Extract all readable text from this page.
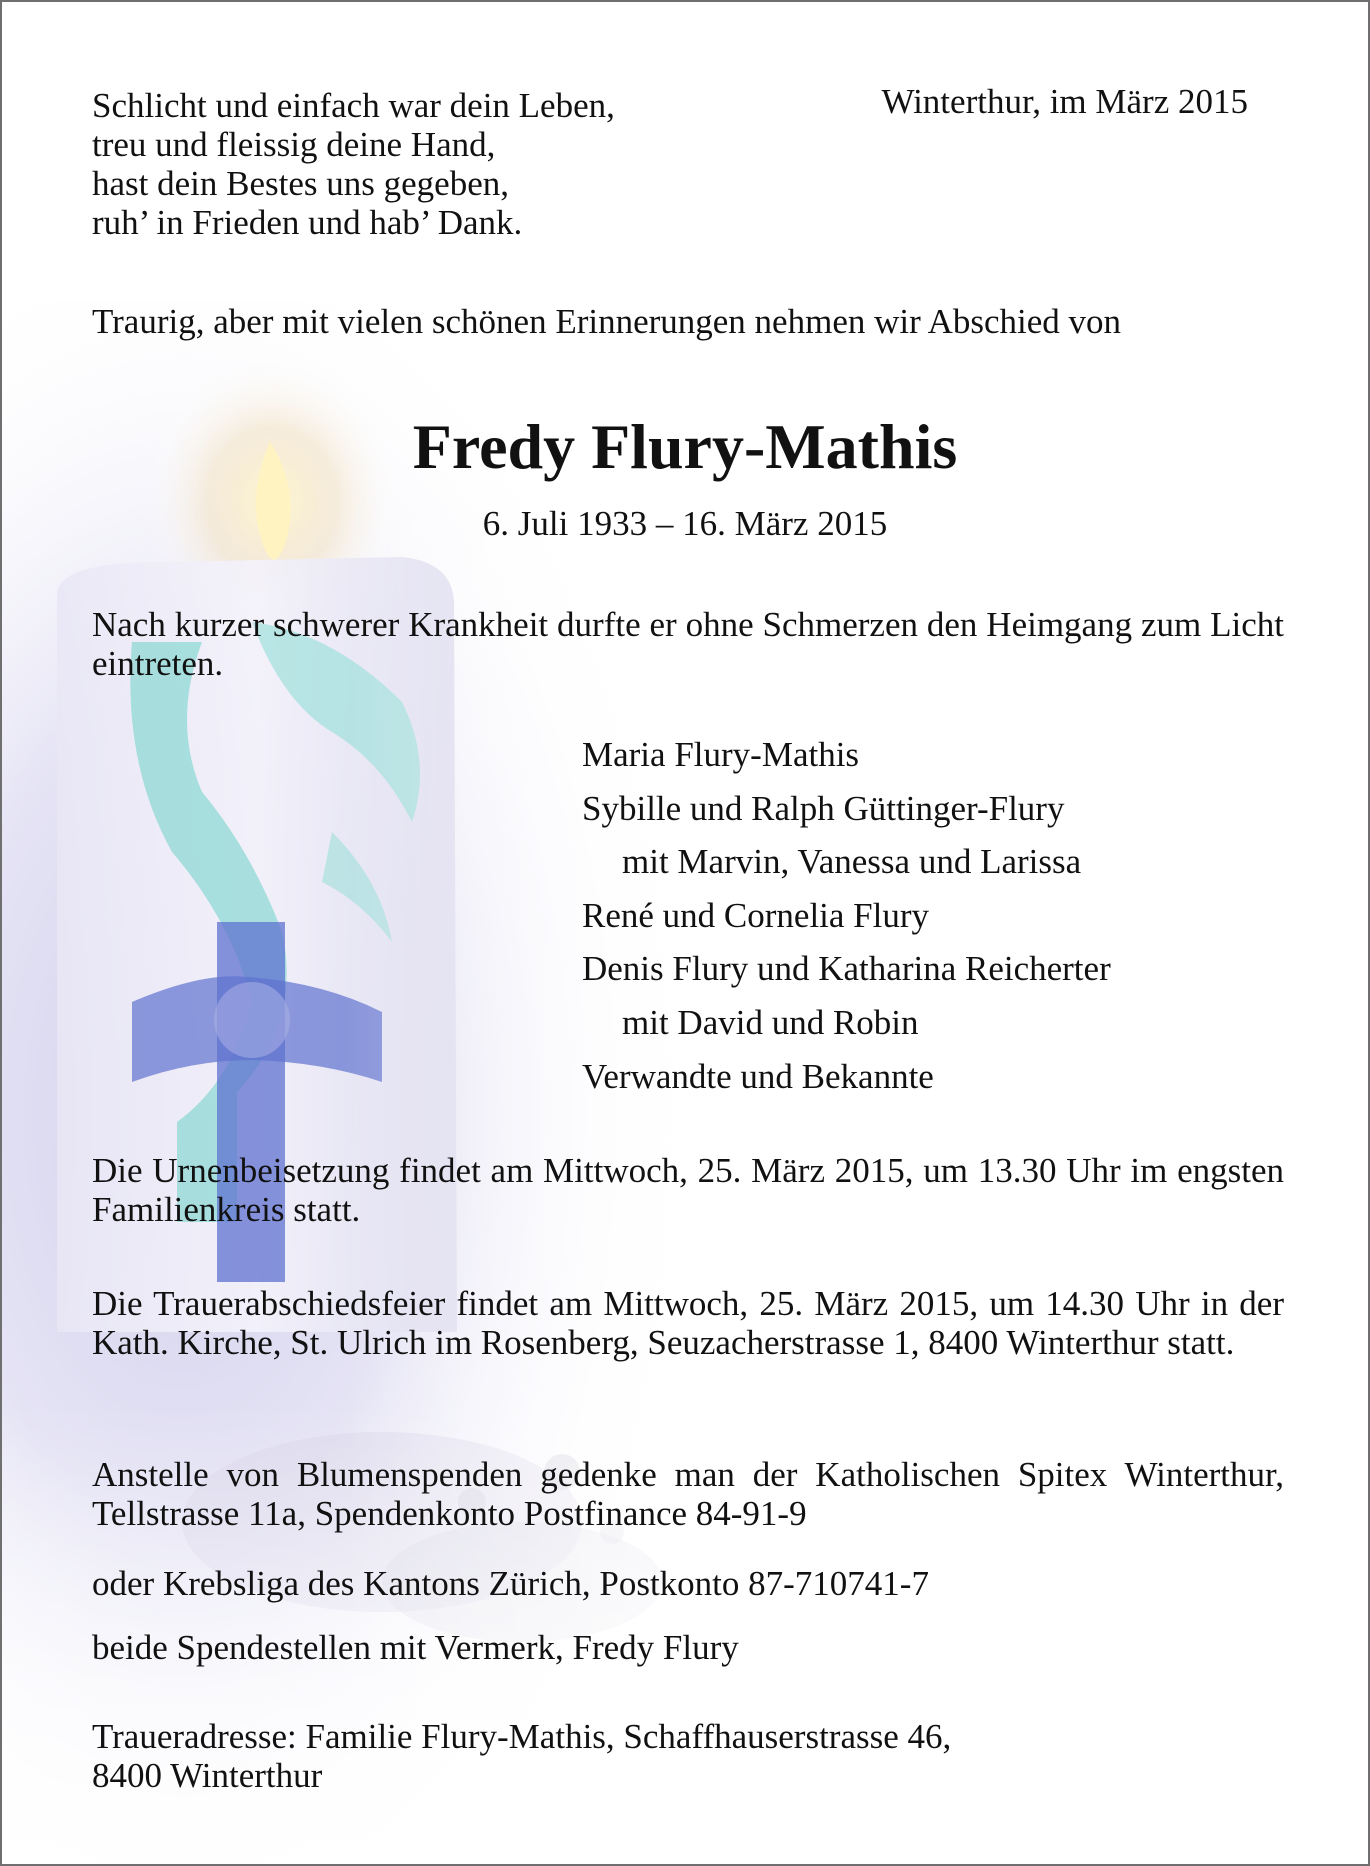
Schlicht und einfach war dein Leben,
treu und fleissig deine Hand,
hast dein Bestes uns gegeben,
ruh’ in Frieden und hab’ Dank.
Winterthur, im März 2015
Traurig, aber mit vielen schönen Erinnerungen nehmen wir Abschied von
Fredy Flury-Mathis
6. Juli 1933 – 16. März 2015
Nach kurzer schwerer Krankheit durfte er ohne Schmerzen den Heimgang zum Licht eintreten.
Maria Flury-Mathis
Sybille und Ralph Güttinger-Flury
mit Marvin, Vanessa und Larissa
René und Cornelia Flury
Denis Flury und Katharina Reicherter
mit David und Robin
Verwandte und Bekannte
Die Urnenbeisetzung findet am Mittwoch, 25. März 2015, um 13.30 Uhr im engsten Familienkreis statt.
Die Trauerabschiedsfeier findet am Mittwoch, 25. März 2015, um 14.30 Uhr in der Kath. Kirche, St. Ulrich im Rosenberg, Seuzacherstrasse 1, 8400 Winterthur statt.
Anstelle von Blumenspenden gedenke man der Katholischen Spitex Winterthur, Tellstrasse 11a, Spendenkonto Postfinance 84-91-9
oder Krebsliga des Kantons Zürich, Postkonto 87-710741-7
beide Spendestellen mit Vermerk, Fredy Flury
Traueradresse: Familie Flury-Mathis, Schaffhauserstrasse 46,
8400 Winterthur
